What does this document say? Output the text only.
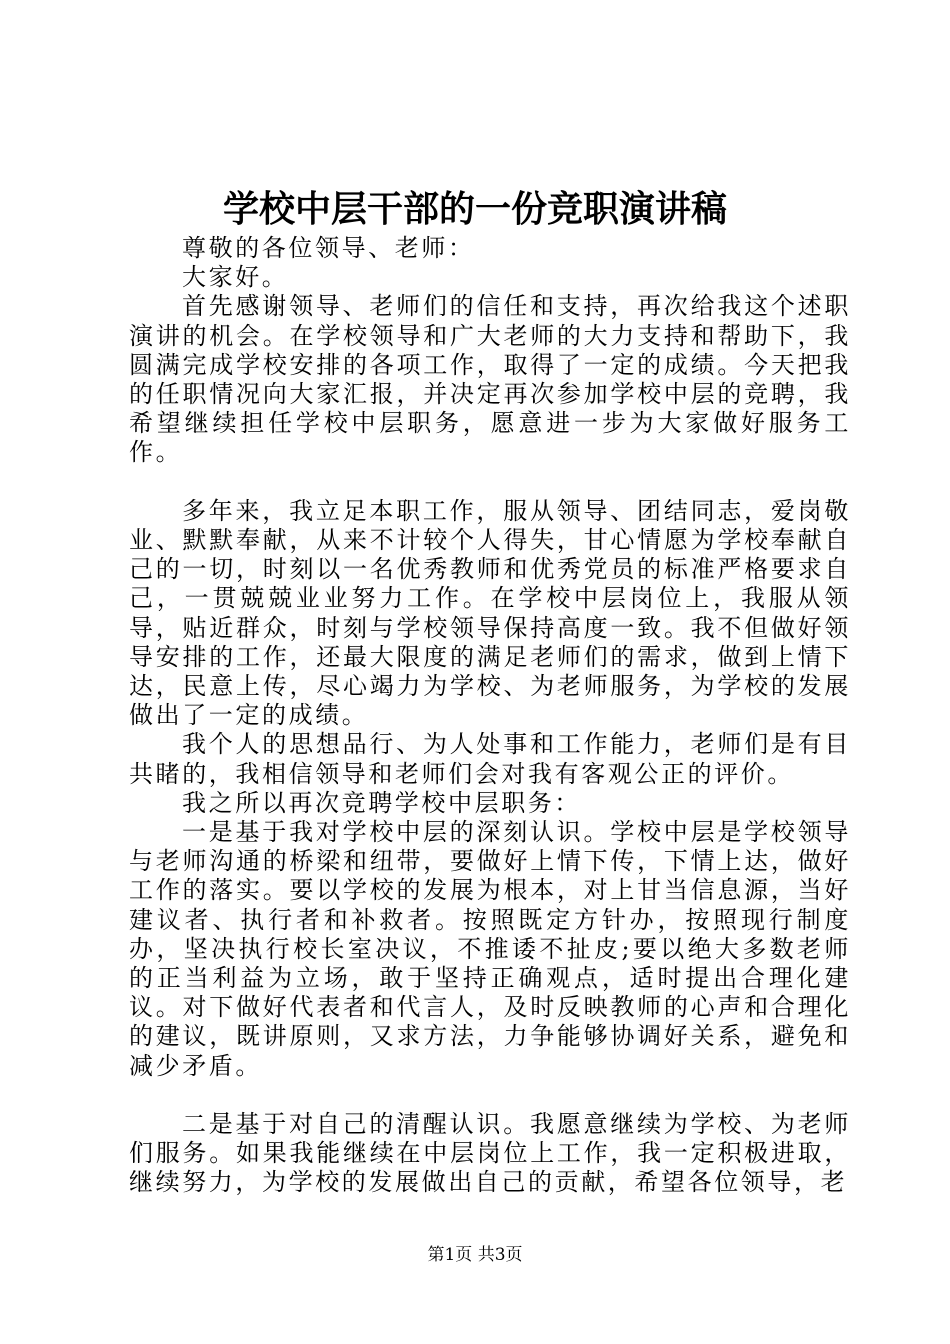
学校中层干部的一份竞职演讲稿

尊敬的各位领导、老师：

大家好。

首先感谢领导、老师们的信任和支持，再次给我这个述职演讲的机会。在学校领导和广大老师的大力支持和帮助下，我圆满完成学校安排的各项工作，取得了一定的成绩。今天把我的任职情况向大家汇报，并决定再次参加学校中层的竞聘，我希望继续担任学校中层职务，愿意进一步为大家做好服务工作。

多年来，我立足本职工作，服从领导、团结同志，爱岗敬业、默默奉献，从来不计较个人得失，甘心情愿为学校奉献自己的一切，时刻以一名优秀教师和优秀党员的标准严格要求自己，一贯兢兢业业努力工作。在学校中层岗位上，我服从领导，贴近群众，时刻与学校领导保持高度一致。我不但做好领导安排的工作，还最大限度的满足老师们的需求，做到上情下达，民意上传，尽心竭力为学校、为老师服务，为学校的发展做出了一定的成绩。

我个人的思想品行、为人处事和工作能力，老师们是有目共睹的，我相信领导和老师们会对我有客观公正的评价。

我之所以再次竞聘学校中层职务：

一是基于我对学校中层的深刻认识。学校中层是学校领导与老师沟通的桥梁和纽带，要做好上情下传，下情上达，做好工作的落实。要以学校的发展为根本，对上甘当信息源，当好建议者、执行者和补救者。按照既定方针办，按照现行制度办，坚决执行校长室决议，不推诿不扯皮;要以绝大多数老师的正当利益为立场，敢于坚持正确观点，适时提出合理化建议。对下做好代表者和代言人，及时反映教师的心声和合理化的建议，既讲原则，又求方法，力争能够协调好关系，避免和减少矛盾。

二是基于对自己的清醒认识。我愿意继续为学校、为老师们服务。如果我能继续在中层岗位上工作，我一定积极进取，继续努力，为学校的发展做出自己的贡献，希望各位领导，老

第1页 共3页
